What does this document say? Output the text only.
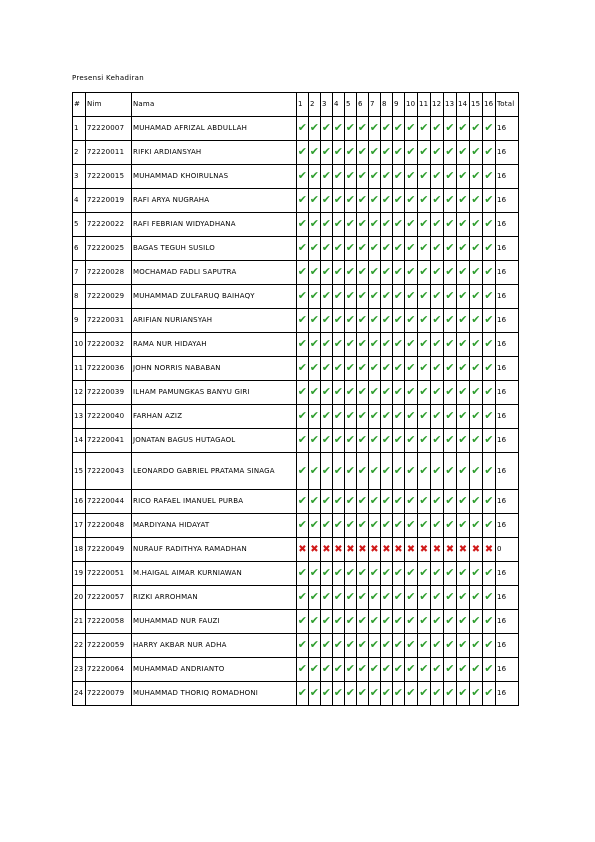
Presensi Kehadiran
#	Nim	Nama	1	2	3	4	5	6	7	8	9	10	11	12	13	14	15	16	Total
1	72220007	MUHAMAD AFRIZAL ABDULLAH	✔	✔	✔	✔	✔	✔	✔	✔	✔	✔	✔	✔	✔	✔	✔	✔	16
2	72220011	RIFKI ARDIANSYAH	✔	✔	✔	✔	✔	✔	✔	✔	✔	✔	✔	✔	✔	✔	✔	✔	16
3	72220015	MUHAMMAD KHOIRULNAS	✔	✔	✔	✔	✔	✔	✔	✔	✔	✔	✔	✔	✔	✔	✔	✔	16
4	72220019	RAFI ARYA NUGRAHA	✔	✔	✔	✔	✔	✔	✔	✔	✔	✔	✔	✔	✔	✔	✔	✔	16
5	72220022	RAFI FEBRIAN WIDYADHANA	✔	✔	✔	✔	✔	✔	✔	✔	✔	✔	✔	✔	✔	✔	✔	✔	16
6	72220025	BAGAS TEGUH SUSILO	✔	✔	✔	✔	✔	✔	✔	✔	✔	✔	✔	✔	✔	✔	✔	✔	16
7	72220028	MOCHAMAD FADLI SAPUTRA	✔	✔	✔	✔	✔	✔	✔	✔	✔	✔	✔	✔	✔	✔	✔	✔	16
8	72220029	MUHAMMAD ZULFARUQ BAIHAQY	✔	✔	✔	✔	✔	✔	✔	✔	✔	✔	✔	✔	✔	✔	✔	✔	16
9	72220031	ARIFIAN NURIANSYAH	✔	✔	✔	✔	✔	✔	✔	✔	✔	✔	✔	✔	✔	✔	✔	✔	16
10	72220032	RAMA NUR HIDAYAH	✔	✔	✔	✔	✔	✔	✔	✔	✔	✔	✔	✔	✔	✔	✔	✔	16
11	72220036	JOHN NORRIS NABABAN	✔	✔	✔	✔	✔	✔	✔	✔	✔	✔	✔	✔	✔	✔	✔	✔	16
12	72220039	ILHAM PAMUNGKAS BANYU GIRI	✔	✔	✔	✔	✔	✔	✔	✔	✔	✔	✔	✔	✔	✔	✔	✔	16
13	72220040	FARHAN AZIZ	✔	✔	✔	✔	✔	✔	✔	✔	✔	✔	✔	✔	✔	✔	✔	✔	16
14	72220041	JONATAN BAGUS HUTAGAOL	✔	✔	✔	✔	✔	✔	✔	✔	✔	✔	✔	✔	✔	✔	✔	✔	16
15	72220043	LEONARDO GABRIEL PRATAMA SINAGA	✔	✔	✔	✔	✔	✔	✔	✔	✔	✔	✔	✔	✔	✔	✔	✔	16
16	72220044	RICO RAFAEL IMANUEL PURBA	✔	✔	✔	✔	✔	✔	✔	✔	✔	✔	✔	✔	✔	✔	✔	✔	16
17	72220048	MARDIYANA HIDAYAT	✔	✔	✔	✔	✔	✔	✔	✔	✔	✔	✔	✔	✔	✔	✔	✔	16
18	72220049	NURAUF RADITHYA RAMADHAN	✖	✖	✖	✖	✖	✖	✖	✖	✖	✖	✖	✖	✖	✖	✖	✖	0
19	72220051	M.HAIGAL AIMAR KURNIAWAN	✔	✔	✔	✔	✔	✔	✔	✔	✔	✔	✔	✔	✔	✔	✔	✔	16
20	72220057	RIZKI ARROHMAN	✔	✔	✔	✔	✔	✔	✔	✔	✔	✔	✔	✔	✔	✔	✔	✔	16
21	72220058	MUHAMMAD NUR FAUZI	✔	✔	✔	✔	✔	✔	✔	✔	✔	✔	✔	✔	✔	✔	✔	✔	16
22	72220059	HARRY AKBAR NUR ADHA	✔	✔	✔	✔	✔	✔	✔	✔	✔	✔	✔	✔	✔	✔	✔	✔	16
23	72220064	MUHAMMAD ANDRIANTO	✔	✔	✔	✔	✔	✔	✔	✔	✔	✔	✔	✔	✔	✔	✔	✔	16
24	72220079	MUHAMMAD THORIQ ROMADHONI	✔	✔	✔	✔	✔	✔	✔	✔	✔	✔	✔	✔	✔	✔	✔	✔	16
